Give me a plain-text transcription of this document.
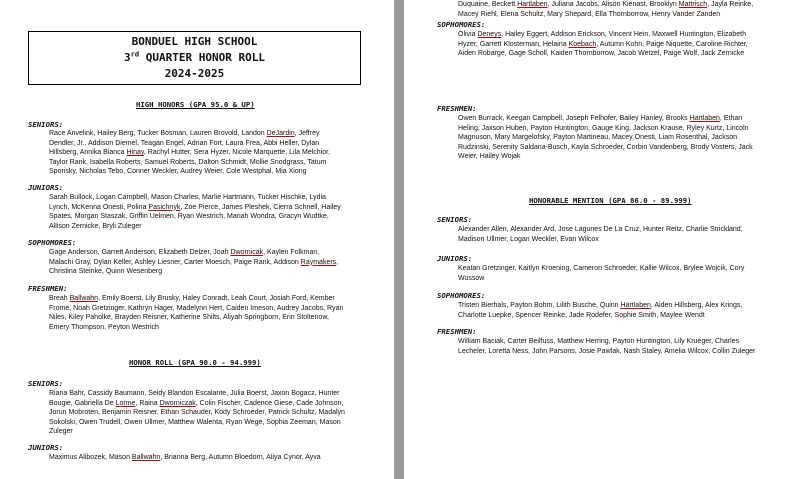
BONDUEL HIGH SCHOOL
3rd QUARTER HONOR ROLL
2024-2025
HIGH HONORS (GPA 95.0 & UP)
SENIORS:
Race Anvelink, Hailey Berg, Tucker Bosman, Lauren Brovold, Landon DeJardin, Jeffrey
Dendler, Jr., Addison Diemel, Teagan Engel, Adrian Fort, Laura Frea, Abbi Heller, Dylan
Hillsberg, Annika Bianca Hinay, Rachyl Hutter, Sera Hyzer, Nicole Marquette, Lila Melchior,
Taylor Rank, Isabella Roberts, Samuel Roberts, Dalton Schmidt, Mollie Snodgrass, Tatum
Sporisky, Nicholas Tebo, Conner Weckler, Audrey Weier, Cole Westphal, Mia Xiong
JUNIORS:
Sarah Bullock, Logan Campbell, Mason Charles, Marlie Hartmann, Tucker Hischke, Lydia
Lynch, McKenna Onesti, Polina Pasichnyk, Zoe Pierce, James Pleshek, Cierra Schnell, Hailey
Spates, Morgan Staszak, Griffin Uelmen, Ryan Westrich, Mariah Wondra, Gracyn Wudtke,
Allison Zernicke, Bryli Zuleger
SOPHOMORES:
Gage Anderson, Garrett Anderson, Elizabeth Delzer, Joah Dwornicak, Kaylen Folkman,
Malachi Gray, Dylan Keller, Ashley Liesner, Carter Moesch, Paige Rank, Addison Raymakers,
Christina Steinke, Quinn Wesenberg
FRESHMEN:
Breah Ballwahn, Emily Boerst, Lily Brusky, Haley Conradt, Leah Court, Josiah Ford, Kember
Frome, Noah Gretzinger, Kathryn Hager, Madelynn Hert, Caiden Imeson, Audrey Jacobs, Ryan
Niles, Kiley Paholke, Brayden Reisner, Katherine Shilts, Aliyah Springborn, Erin Stoltenow,
Emery Thompson, Peyton Westrich
HONOR ROLL (GPA 90.0 - 94.999)
SENIORS:
Riana Bahr, Cassidy Baumann, Seidy Blandon Escalante, Julia Boerst, Jaxon Bogacz, Hunter
Bougie, Gabriella De Lorme, Raina Dworniczak, Colin Fischer, Cadence Giese, Cade Johnson,
Jorun Mobroten, Benjamin Reisner, Ethan Schauder, Kody Schroeder, Patrick Schultz, Madalyn
Sokolski, Owen Trudell, Owen Ullmer, Matthew Walenta, Ryan Wege, Sophia Zeeman, Mason
Zuleger
JUNIORS:
Maximus Alibozek, Mason Ballwahn, Brianna Berg, Autumn Bloedorn, Aliya Cynor, Ayva
Duquaine, Beckett Hartlaben, Juliana Jacobs, Alison Kienast, Brooklyn Mattrisch, Jayla Reinke,
Macey Riehl, Elena Schultz, Mary Shepard, Ella Thornborrow, Henry Vander Zanden
SOPHOMORES:
Olivia Deneys, Hailey Eggert, Addison Erickson, Vincent Hein, Maxwell Huntington, Elizabeth
Hyzer, Garrett Klosterman, Helaina Koebach, Autumn Kohn, Paige Niquette, Caroline Richter,
Aiden Robarge, Gage Scholl, Kaiden Thornborrow, Jacob Wetzel, Paige Wolf, Jack Zernicke
FRESHMEN:
Owen Burrack, Keegan Campbell, Joseph Felhofer, Bailey Hanley, Brooks Hartlaben, Ethan
Heling, Jaxson Huben, Payton Huntington, Gauge King, Jackson Krause, Ryley Kurtz, Lincoln
Magnuson, Mary Margelofsky, Payton Martineau, Macey Onesti, Liam Rosenthal, Jackson
Rudzinski, Serenity Saldana-Busch, Kayla Schroeder, Corbin Vandenberg, Brody Vosters, Jack
Weier, Hailey Wojak
HONORABLE MENTION (GPA 86.0 - 89.999)
SENIORS:
Alexander Allen, Alexander Ard, Jose Lagunes De La Cruz, Hunter Reitz, Charlie Strickland,
Madison Ullmer, Logan Weckler, Evan Wilcox
JUNIORS:
Keatan Gretzinger, Kaitlyn Kroening, Cameron Schroeder, Kallie Wilcox, Brylee Wojcik, Cory
Wussow
SOPHOMORES:
Tristen Bierhals, Payton Bohm, Lilith Busche, Quinn Hartlaben, Aiden Hillsberg, Alex Krings,
Charlotte Luepke, Spencer Reinke, Jade Rodefer, Sophie Smith, Maylee Wendt
FRESHMEN:
William Baciak, Carter Beilfuss, Matthew Herring, Payton Huntington, Lily Krueger, Charles
Lecheler, Loretta Ness, John Parsons, Josie Pawlak, Nash Staley, Amelia Wilcox, Collin Zuleger
